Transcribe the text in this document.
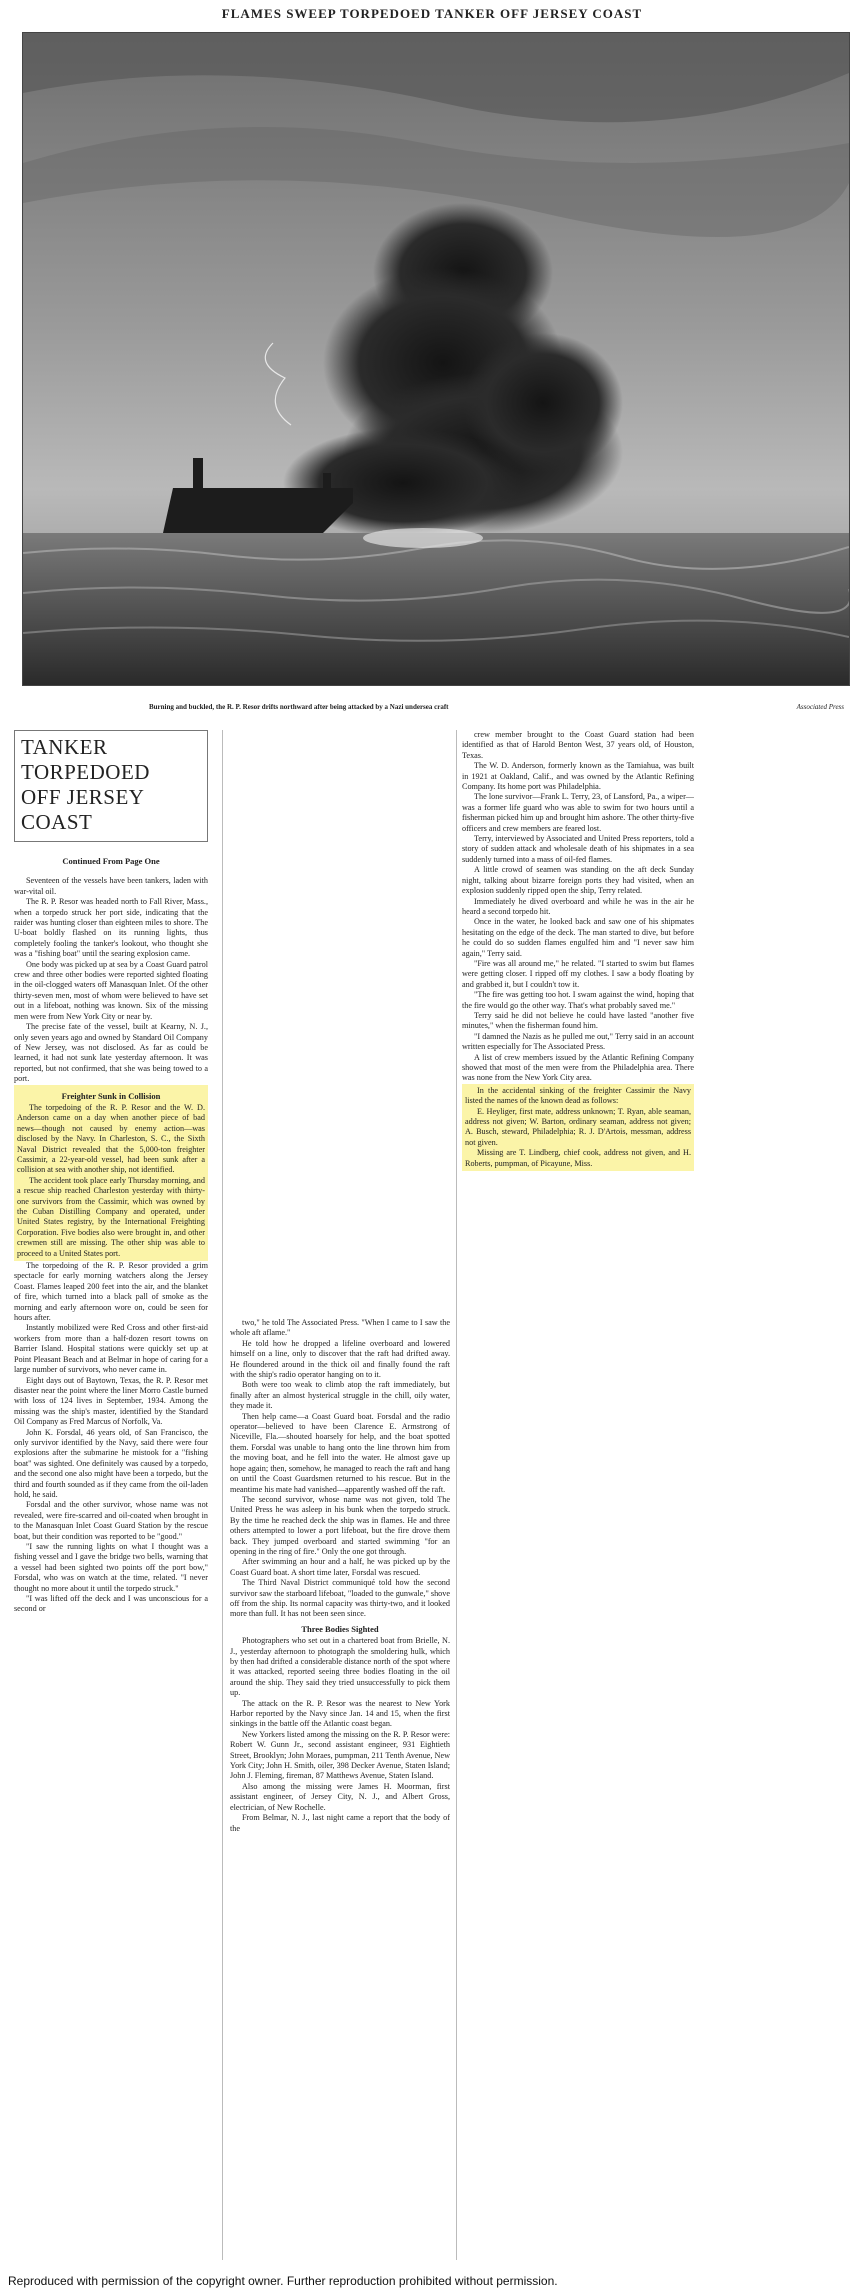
FLAMES SWEEP TORPEDOED TANKER OFF JERSEY COAST
Burning and buckled, the R. P. Resor drifts northward after being attacked by a Nazi undersea craft	Associated Press
TANKER TORPEDOED
OFF JERSEY COAST
Continued From Page One

Seventeen of the vessels have been tankers, laden with war-vital oil.

The R. P. Resor was headed north to Fall River, Mass., when a torpedo struck her port side, indicating that the raider was hunting closer than eighteen miles to shore. The U-boat boldly flashed on its running lights, thus completely fooling the tanker's lookout, who thought she was a "fishing boat" until the searing explosion came.

One body was picked up at sea by a Coast Guard patrol crew and three other bodies were reported sighted floating in the oil-clogged waters off Manasquan Inlet. Of the other thirty-seven men, most of whom were believed to have set out in a lifeboat, nothing was known. Six of the missing men were from New York City or near by.

The precise fate of the vessel, built at Kearny, N. J., only seven years ago and owned by Standard Oil Company of New Jersey, was not disclosed. As far as could be learned, it had not sunk late yesterday afternoon. It was reported, but not confirmed, that she was being towed to a port.

Freighter Sunk in Collision

The torpedoing of the R. P. Resor and the W. D. Anderson came on a day when another piece of bad news—though not caused by enemy action—was disclosed by the Navy. In Charleston, S. C., the Sixth Naval District revealed that the 5,000-ton freighter Cassimir, a 22-year-old vessel, had been sunk after a collision at sea with another ship, not identified.

The accident took place early Thursday morning, and a rescue ship reached Charleston yesterday with thirty-one survivors from the Cassimir, which was owned by the Cuban Distilling Company and operated, under United States registry, by the International Freighting Corporation. Five bodies also were brought in, and other crewmen still are missing. The other ship was able to proceed to a United States port.

The torpedoing of the R. P. Resor provided a grim spectacle for early morning watchers along the Jersey Coast. Flames leaped 200 feet into the air, and the blanket of fire, which turned into a black pall of smoke as the morning and early afternoon wore on, could be seen for hours after.

Instantly mobilized were Red Cross and other first-aid workers from more than a half-dozen resort towns on Barrier Island. Hospital stations were quickly set up at Point Pleasant Beach and at Belmar in hope of caring for a large number of survivors, who never came in.

Eight days out of Baytown, Texas, the R. P. Resor met disaster near the point where the liner Morro Castle burned with loss of 124 lives in September, 1934. Among the missing was the ship's master, identified by the Standard Oil Company as Fred Marcus of Norfolk, Va.

John K. Forsdal, 46 years old, of San Francisco, the only survivor identified by the Navy, said there were four explosions after the submarine he mistook for a "fishing boat" was sighted. One definitely was caused by a torpedo, and the second one also might have been a torpedo, but the third and fourth sounded as if they came from the oil-laden hold, he said.

Forsdal and the other survivor, whose name was not revealed, were fire-scarred and oil-coated when brought in to the Manasquan Inlet Coast Guard Station by the rescue boat, but their condition was reported to be "good."

"I saw the running lights on what I thought was a fishing vessel and I gave the bridge two bells, warning that a vessel had been sighted two points off the port bow," Forsdal, who was on watch at the time, related. "I never thought no more about it until the torpedo struck."

"I was lifted off the deck and I was unconscious for a second or

two," he told The Associated Press. "When I came to I saw the whole aft aflame."

He told how he dropped a lifeline overboard and lowered himself on a line, only to discover that the raft had drifted away. He floundered around in the thick oil and finally found the raft with the ship's radio operator hanging on to it.

Both were too weak to climb atop the raft immediately, but finally after an almost hysterical struggle in the chill, oily water, they made it.

Then help came—a Coast Guard boat. Forsdal and the radio operator—believed to have been Clarence E. Armstrong of Niceville, Fla.—shouted hoarsely for help, and the boat spotted them. Forsdal was unable to hang onto the line thrown him from the moving boat, and he fell into the water. He almost gave up hope again; then, somehow, he managed to reach the raft and hang on until the Coast Guardsmen returned to his rescue. But in the meantime his mate had vanished—apparently washed off the raft.

The second survivor, whose name was not given, told The United Press he was asleep in his bunk when the torpedo struck. By the time he reached deck the ship was in flames. He and three others attempted to lower a port lifeboat, but the fire drove them back. They jumped overboard and started swimming "for an opening in the ring of fire." Only the one got through.

After swimming an hour and a half, he was picked up by the Coast Guard boat. A short time later, Forsdal was rescued.

The Third Naval District communiqué told how the second survivor saw the starboard lifeboat, "loaded to the gunwale," shove off from the ship. Its normal capacity was thirty-two, and it looked more than full. It has not been seen since.

Three Bodies Sighted

Photographers who set out in a chartered boat from Brielle, N. J., yesterday afternoon to photograph the smoldering hulk, which by then had drifted a considerable distance north of the spot where it was attacked, reported seeing three bodies floating in the oil around the ship. They said they tried unsuccessfully to pick them up.

The attack on the R. P. Resor was the nearest to New York Harbor reported by the Navy since Jan. 14 and 15, when the first sinkings in the battle off the Atlantic coast began.

New Yorkers listed among the missing on the R. P. Resor were: Robert W. Gunn Jr., second assistant engineer, 931 Eightieth Street, Brooklyn; John Moraes, pumpman, 211 Tenth Avenue, New York City; John H. Smith, oiler, 398 Decker Avenue, Staten Island; John J. Fleming, fireman, 87 Matthews Avenue, Staten Island.

Also among the missing were James H. Moorman, first assistant engineer, of Jersey City, N. J., and Albert Gross, electrician, of New Rochelle.

From Belmar, N. J., last night came a report that the body of the

crew member brought to the Coast Guard station had been identified as that of Harold Benton West, 37 years old, of Houston, Texas.

The W. D. Anderson, formerly known as the Tamiahua, was built in 1921 at Oakland, Calif., and was owned by the Atlantic Refining Company. Its home port was Philadelphia.

The lone survivor—Frank L. Terry, 23, of Lansford, Pa., a wiper—was a former life guard who was able to swim for two hours until a fisherman picked him up and brought him ashore. The other thirty-five officers and crew members are feared lost.

Terry, interviewed by Associated and United Press reporters, told a story of sudden attack and wholesale death of his shipmates in a sea suddenly turned into a mass of oil-fed flames.

A little crowd of seamen was standing on the aft deck Sunday night, talking about bizarre foreign ports they had visited, when an explosion suddenly ripped open the ship, Terry related.

Immediately he dived overboard and while he was in the air he heard a second torpedo hit.

Once in the water, he looked back and saw one of his shipmates hesitating on the edge of the deck. The man started to dive, but before he could do so sudden flames engulfed him and "I never saw him again," Terry said.

"Fire was all around me," he related. "I started to swim but flames were getting closer. I ripped off my clothes. I saw a body floating by and grabbed it, but I couldn't tow it.

"The fire was getting too hot. I swam against the wind, hoping that the fire would go the other way. That's what probably saved me."

Terry said he did not believe he could have lasted "another five minutes," when the fisherman found him.

"I damned the Nazis as he pulled me out," Terry said in an account written especially for The Associated Press.

A list of crew members issued by the Atlantic Refining Company showed that most of the men were from the Philadelphia area. There was none from the New York City area.

In the accidental sinking of the freighter Cassimir the Navy listed the names of the known dead as follows:

E. Heyliger, first mate, address unknown; T. Ryan, able seaman, address not given; W. Barton, ordinary seaman, address not given; A. Busch, steward, Philadelphia; R. J. D'Artois, messman, address not given.

Missing are T. Lindberg, chief cook, address not given, and H. Roberts, pumpman, of Picayune, Miss.

Reproduced with permission of the copyright owner. Further reproduction prohibited without permission.
